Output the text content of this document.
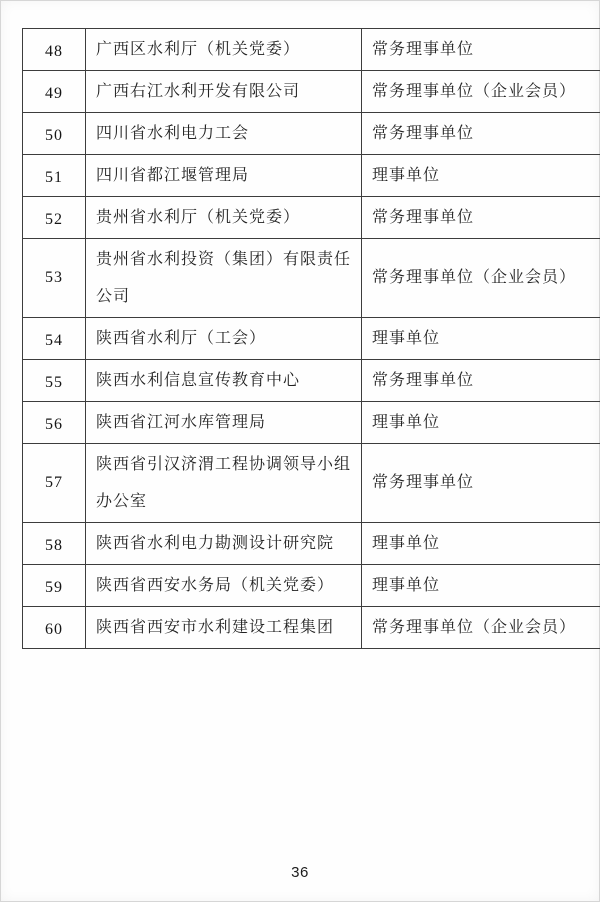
48	广西区水利厅（机关党委）	常务理事单位
49	广西右江水利开发有限公司	常务理事单位（企业会员）
50	四川省水利电力工会	常务理事单位
51	四川省都江堰管理局	理事单位
52	贵州省水利厅（机关党委）	常务理事单位
53	贵州省水利投资（集团）有限责任公司	常务理事单位（企业会员）
54	陕西省水利厅（工会）	理事单位
55	陕西水利信息宣传教育中心	常务理事单位
56	陕西省江河水库管理局	理事单位
57	陕西省引汉济渭工程协调领导小组办公室	常务理事单位
58	陕西省水利电力勘测设计研究院	理事单位
59	陕西省西安水务局（机关党委）	理事单位
60	陕西省西安市水利建设工程集团	常务理事单位（企业会员）
36
